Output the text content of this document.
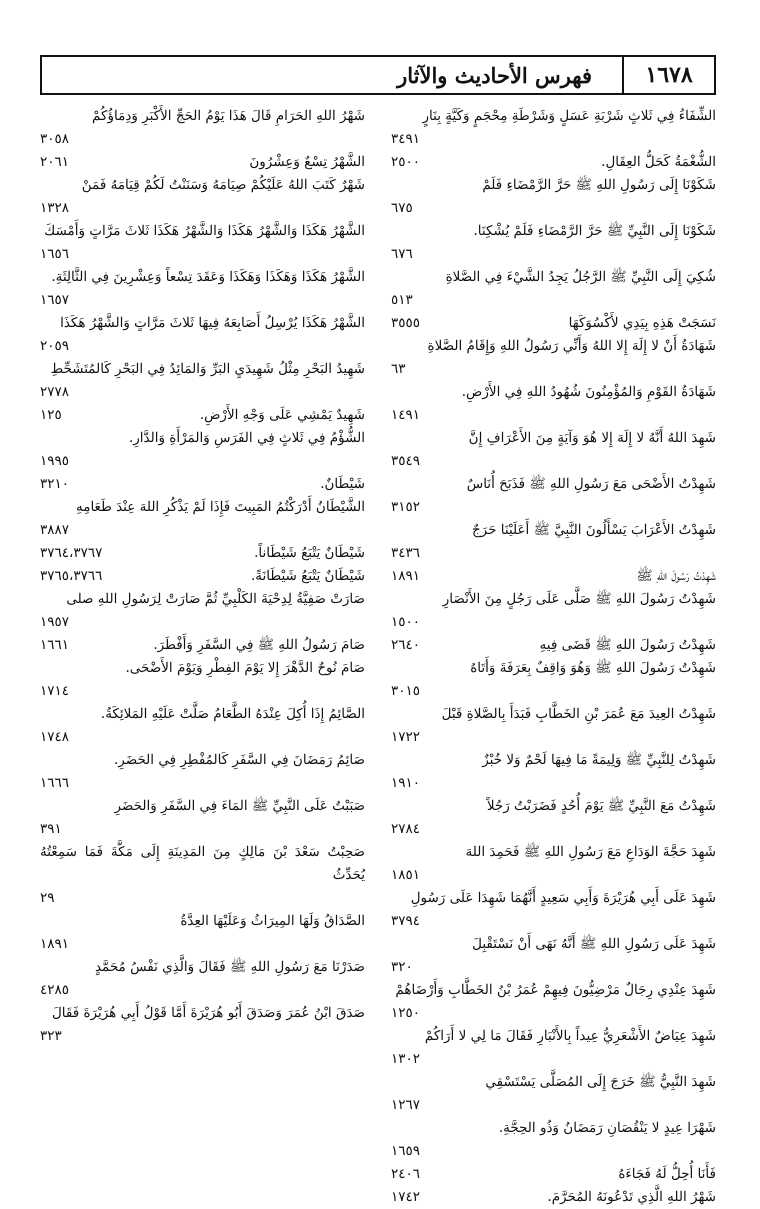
١٦٧٨
فهرس الأحاديث والآثار
الشِّفَاءُ فِي ثَلاثٍ شَرْبَةِ عَسَلٍ وَشَرْطَةِ مِحْجَمٍ وَكَيَّةٍ بِنَارٍ
٣٤٩١
٢٥٠٠	الشُّغْمَةُ كَحَلُّ العِقَالِ.
شَكَوْنَا إِلَى رَسُولِ اللهِ ﷺ حَرَّ الرَّمْضَاءِ فَلَمْ
٦٧٥
شَكَوْنَا إِلَى النَّبِيِّ ﷺ حَرَّ الرَّمْضَاءِ فَلَمْ يُشْكِنَا.
٦٧٦
شُكِيَ إِلَى النَّبِيِّ ﷺ الرَّجُلُ يَجِدُ الشَّيْءَ فِي الصَّلاةِ
٥١٣
٣٥٥٥	نَسَجَتْ هَذِهِ بِيَدِي لأَكْسُوَكَهَا
شَهَادَةُ أَنْ لا إِلَهَ إِلا اللهُ وَأَنِّي رَسُولُ اللهِ وَإِقَامُ الصَّلاةِ
٦٣
شَهَادَةُ القَوْمِ وَالمُؤْمِنُونَ شُهُودُ اللهِ فِي الأَرْضِ.
١٤٩١
شَهِدَ اللهُ أَنَّهُ لا إِلَهَ إِلا هُوَ وَآيَةٍ مِنَ الأَعْرَافِ إِنَّ
٣٥٤٩
شَهِدْتُ الأَضْحَى مَعَ رَسُولِ اللهِ ﷺ فَذَبَحَ أُنَاسٌ
٣١٥٢
شَهِدْتُ الأَعْرَابَ يَسْأَلُونَ النَّبِيَّ ﷺ أَعَلَيْنَا حَرَجٌ
٣٤٣٦
١٨٩١	شَهِدْتُ رَسُولَ اللهِ ﷺ
شَهِدْتُ رَسُولَ اللهِ ﷺ صَلَّى عَلَى رَجُلٍ مِنَ الأَنْصَارِ
١٥٠٠
٢٦٤٠	شَهِدْتُ رَسُولَ اللهِ ﷺ قَضَى فِيهِ
شَهِدْتُ رَسُولَ اللهِ ﷺ وَهُوَ وَاقِفٌ بِعَرَفَةَ وَأَتَاهُ
٣٠١٥
شَهِدْتُ العِيدَ مَعَ عُمَرَ بْنِ الخَطَّابِ فَبَدَأَ بِالصَّلاةِ قَبْلَ
١٧٢٢
شَهِدْتُ لِلنَّبِيِّ ﷺ وَلِيمَةً مَا فِيهَا لَحْمٌ وَلا خُبْزٌ
١٩١٠
شَهِدْتُ مَعَ النَّبِيِّ ﷺ يَوْمَ أُحُدٍ فَضَرَبْتُ رَجُلاً
٢٧٨٤
شَهِدَ حَجَّةَ الوَدَاعِ مَعَ رَسُولِ اللهِ ﷺ فَحَمِدَ اللهَ
١٨٥١
شَهِدَ عَلَى أَبِي هُرَيْرَةَ وَأَبِي سَعِيدٍ أَنَّهُمَا شَهِدَا عَلَى رَسُولِ
٣٧٩٤
شَهِدَ عَلَى رَسُولِ اللهِ ﷺ أَنَّهُ نَهَى أَنْ نَسْتَقْبِلَ
٣٢٠
شَهِدَ عِنْدِي رِجَالٌ مَرْضِيُّونَ فِيهِمْ عُمَرُ بْنُ الخَطَّابِ وَأَرْضَاهُمْ
١٢٥٠
شَهِدَ عِيَاضٌ الأَشْعَرِيُّ عِيداً بِالأَنْبَارِ فَقَالَ مَا لِي لا أَرَاكُمْ
١٣٠٢
شَهِدَ النَّبِيُّ ﷺ خَرَجَ إِلَى المُصَلَّى يَسْتَسْقِي
١٢٦٧
شَهْرَا عِيدٍ لا يَنْقُصَانِ رَمَضَانُ وَذُو الحِجَّةِ.
١٦٥٩
٢٤٠٦	فَأَنَا أُحِلُّ لَهُ فَجَاءَهُ
١٧٤٢	شَهْرُ اللهِ الَّذِي تَدْعُونَهُ المُحَرَّمَ.
شَهْرُ اللهِ الحَرَامِ قَالَ هَذَا يَوْمُ الحَجِّ الأَكْبَرِ وَدِمَاؤُكُمْ
٣٠٥٨
٢٠٦١	الشَّهْرُ تِسْعٌ وَعِشْرُونَ
شَهْرٌ كَتَبَ اللهُ عَلَيْكُمْ صِيَامَهُ وَسَنَنْتُ لَكُمْ قِيَامَهُ فَمَنْ
١٣٢٨
الشَّهْرُ هَكَذَا وَالشَّهْرُ هَكَذَا وَالشَّهْرُ هَكَذَا ثَلاثَ مَرَّاتٍ وَأَمْسَكَ
١٦٥٦
الشَّهْرُ هَكَذَا وَهَكَذَا وَهَكَذَا وَعَقَدَ تِسْعاً وَعِشْرِينَ فِي الثَّالِثَةِ.
١٦٥٧
الشَّهْرُ هَكَذَا يُرْسِلُ أَصَابِعَهُ فِيهَا ثَلاثَ مَرَّاتٍ وَالشَّهْرُ هَكَذَا
٢٠٥٩
شَهِيدُ البَحْرِ مِثْلُ شَهِيدَيِ البَرِّ وَالمَائِدُ فِي البَحْرِ كَالمُتَشَحِّطِ
٢٧٧٨
١٢٥	شَهِيدٌ يَمْشِي عَلَى وَجْهِ الأَرْضِ.
الشُّؤْمُ فِي ثَلاثٍ فِي الفَرَسِ وَالمَرْأَةِ وَالدَّارِ.
١٩٩٥
٣٢١٠	شَيْطَانٌ.
الشَّيْطَانُ أَدْرَكْتُمُ المَبِيتَ فَإِذَا لَمْ يَذْكُرِ اللهَ عِنْدَ طَعَامِهِ
٣٨٨٧
٣٧٦٤،٣٧٦٧	شَيْطَانٌ يَتْبَعُ شَيْطَاناً.
٣٧٦٥،٣٧٦٦	شَيْطَانٌ يَتْبَعُ شَيْطَانَةً.
صَارَتْ صَفِيَّةُ لِدِحْيَةَ الكَلْبِيِّ ثُمَّ صَارَتْ لِرَسُولِ اللهِ صلى
١٩٥٧
١٦٦١	صَامَ رَسُولُ اللهِ ﷺ فِي السَّفَرِ وَأَفْطَرَ.
صَامَ نُوحٌ الدَّهْرَ إِلا يَوْمَ الفِطْرِ وَيَوْمَ الأَضْحَى.
١٧١٤
الصَّائِمُ إِذَا أُكِلَ عِنْدَهُ الطَّعَامُ صَلَّتْ عَلَيْهِ المَلائِكَةُ.
١٧٤٨
صَائِمُ رَمَضَانَ فِي السَّفَرِ كَالمُفْطِرِ فِي الحَضَرِ.
١٦٦٦
صَبَبْتُ عَلَى النَّبِيِّ ﷺ المَاءَ فِي السَّفَرِ وَالحَضَرِ
٣٩١
صَحِبْتُ سَعْدَ بْنَ مَالِكٍ مِنَ المَدِينَةِ إِلَى مَكَّةَ فَمَا سَمِعْتُهُ يُحَدِّثُ
٢٩
الصَّدَاقُ وَلَهَا المِيرَاثُ وَعَلَيْهَا العِدَّةُ
١٨٩١
صَدَرْنَا مَعَ رَسُولِ اللهِ ﷺ فَقَالَ وَالَّذِي نَفْسُ مُحَمَّدٍ
٤٢٨٥
صَدَقَ ابْنُ عُمَرَ وَصَدَقَ أَبُو هُرَيْرَةَ أَمَّا قَوْلُ أَبِي هُرَيْرَةَ فَقَالَ
٣٢٣
